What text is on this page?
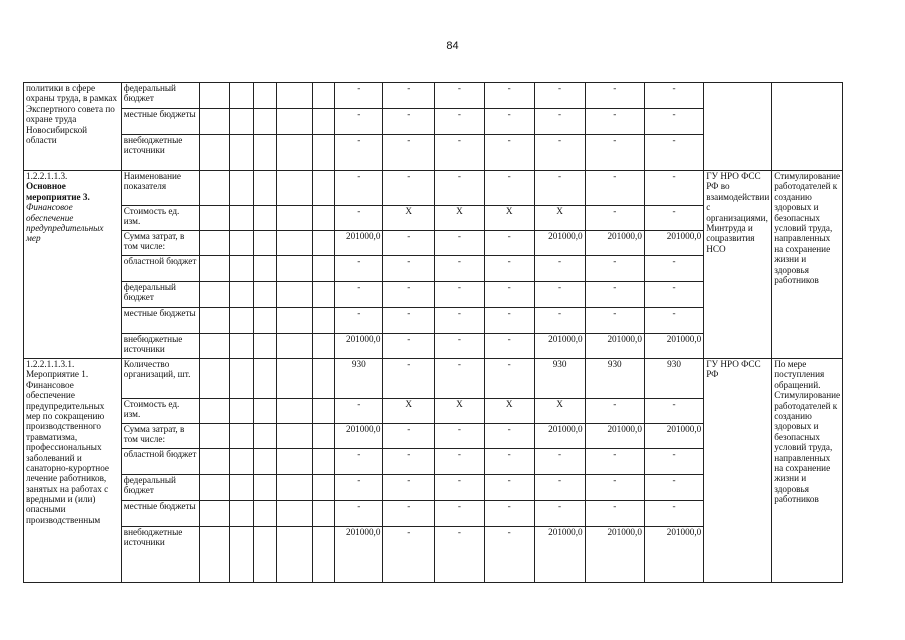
84
политики в сфере охраны труда, в рамках Экспертного совета по охране труда Новосибирской области	федеральный бюджет						-	-	-	-	-	-	-		
	местные бюджеты						-	-	-	-	-	-	-		
	внебюджетные источники						-	-	-	-	-	-	-		

1.2.2.1.1.3.
Основное мероприятие 3.
Финансовое обеспечение предупредительных мер	Наименование показателя						-	-	-	-	-	-	-	ГУ НРО ФСС РФ во взаимодействии с организациями, Минтруда и соцразвития НСО	Стимулирование работодателей к созданию здоровых и безопасных условий труда, направленных на сохранение жизни и здоровья работников
	Стоимость ед. изм.						-	X	X	X	X	-	-		
	Сумма затрат, в том числе:						201000,0	-	-	-	201000,0	201000,0	201000,0		
	областной бюджет						-	-	-	-	-	-	-		
	федеральный бюджет						-	-	-	-	-	-	-		
	местные бюджеты						-	-	-	-	-	-	-		
	внебюджетные источники						201000,0	-	-	-	201000,0	201000,0	201000,0		

1.2.2.1.1.3.1.
Мероприятие 1. Финансовое обеспечение предупредительных мер по сокращению производственного травматизма, профессиональных заболеваний и санаторно-курортное лечение работников, занятых на работах с вредными и (или) опасными производственным	Количество организаций, шт.						930	-	-	-	930	930	930	ГУ НРО ФСС РФ	По мере поступления обращений. Стимулирование работодателей к созданию здоровых и безопасных условий труда, направленных на сохранение жизни и здоровья работников
	Стоимость ед. изм.						-	X	X	X	X	-	-		
	Сумма затрат, в том числе:						201000,0	-	-	-	201000,0	201000,0	201000,0		
	областной бюджет						-	-	-	-	-	-	-		
	федеральный бюджет						-	-	-	-	-	-	-		
	местные бюджеты						-	-	-	-	-	-	-		
	внебюджетные источники						201000,0	-	-	-	201000,0	201000,0	201000,0		
